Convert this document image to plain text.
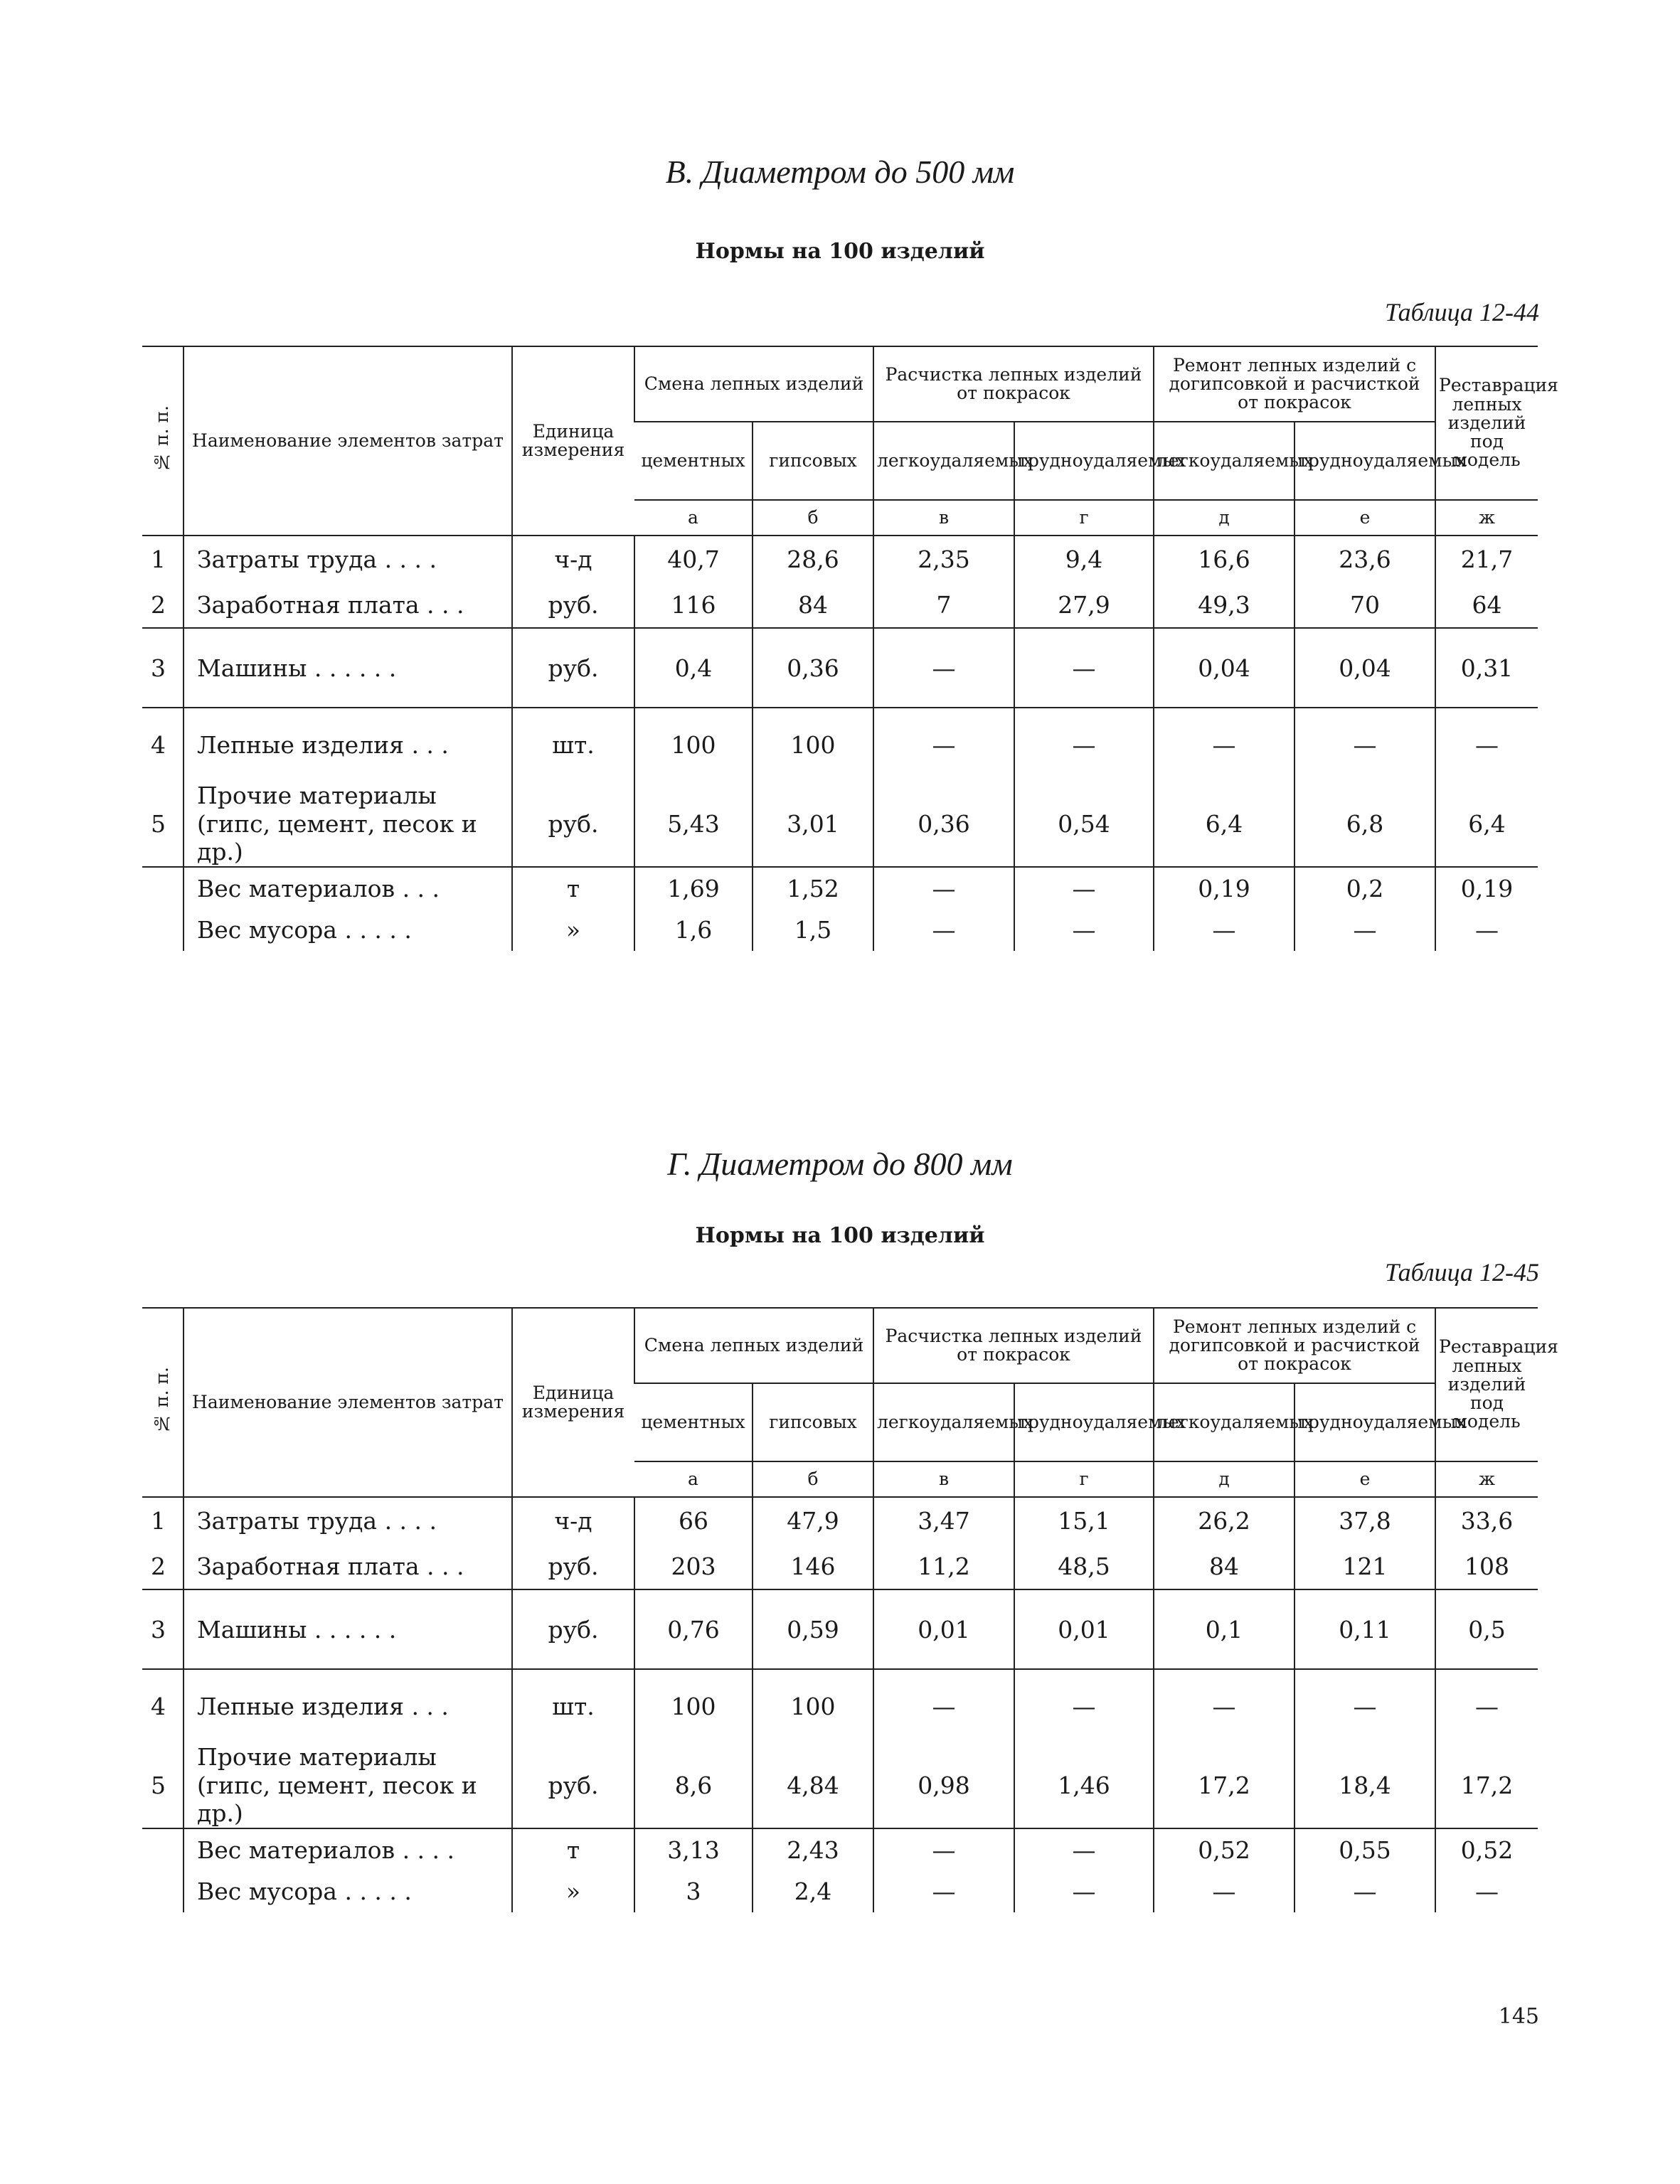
В. Диаметром до 500 мм
Нормы на 100 изделий
Таблица 12-44
№ п. п.	Наименование элементов затрат	Единица измерения	Смена лепных изделий		Расчистка лепных изделий от покрасок		Ремонт лепных изделий с догипсовкой и расчисткой от покрасок		Реставрация лепных изделий под модель
			цементных	гипсовых	легкоудаляемых	трудноудаляемых	легкоудаляемых	трудноудаляемых	
			а	б	в	г	д	е	ж
1	Затраты труда . . . .	ч-д	40,7	28,6	2,35	9,4	16,6	23,6	21,7
2	Заработная плата . . .	руб.	116	84	7	27,9	49,3	70	64
3	Машины . . . . . .	руб.	0,4	0,36	—	—	0,04	0,04	0,31
4	Лепные изделия . . .	шт.	100	100	—	—	—	—	—
5	Прочие материалы (гипс, цемент, песок и др.)	руб.	5,43	3,01	0,36	0,54	6,4	6,8	6,4
	Вес материалов . . .	т	1,69	1,52	—	—	0,19	0,2	0,19
	Вес мусора . . . . .	»	1,6	1,5	—	—	—	—	—
Г. Диаметром до 800 мм
Нормы на 100 изделий
Таблица 12-45
№ п. п.	Наименование элементов затрат	Единица измерения	Смена лепных изделий		Расчистка лепных изделий от покрасок		Ремонт лепных изделий с догипсовкой и расчисткой от покрасок		Реставрация лепных изделий под модель
			цементных	гипсовых	легкоудаляемых	трудноудаляемых	легкоудаляемых	трудноудаляемых	
			а	б	в	г	д	е	ж
1	Затраты труда . . . .	ч-д	66	47,9	3,47	15,1	26,2	37,8	33,6
2	Заработная плата . . .	руб.	203	146	11,2	48,5	84	121	108
3	Машины . . . . . .	руб.	0,76	0,59	0,01	0,01	0,1	0,11	0,5
4	Лепные изделия . . .	шт.	100	100	—	—	—	—	—
5	Прочие материалы (гипс, цемент, песок и др.)	руб.	8,6	4,84	0,98	1,46	17,2	18,4	17,2
	Вес материалов . . . .	т	3,13	2,43	—	—	0,52	0,55	0,52
	Вес мусора . . . . .	»	3	2,4	—	—	—	—	—
145
